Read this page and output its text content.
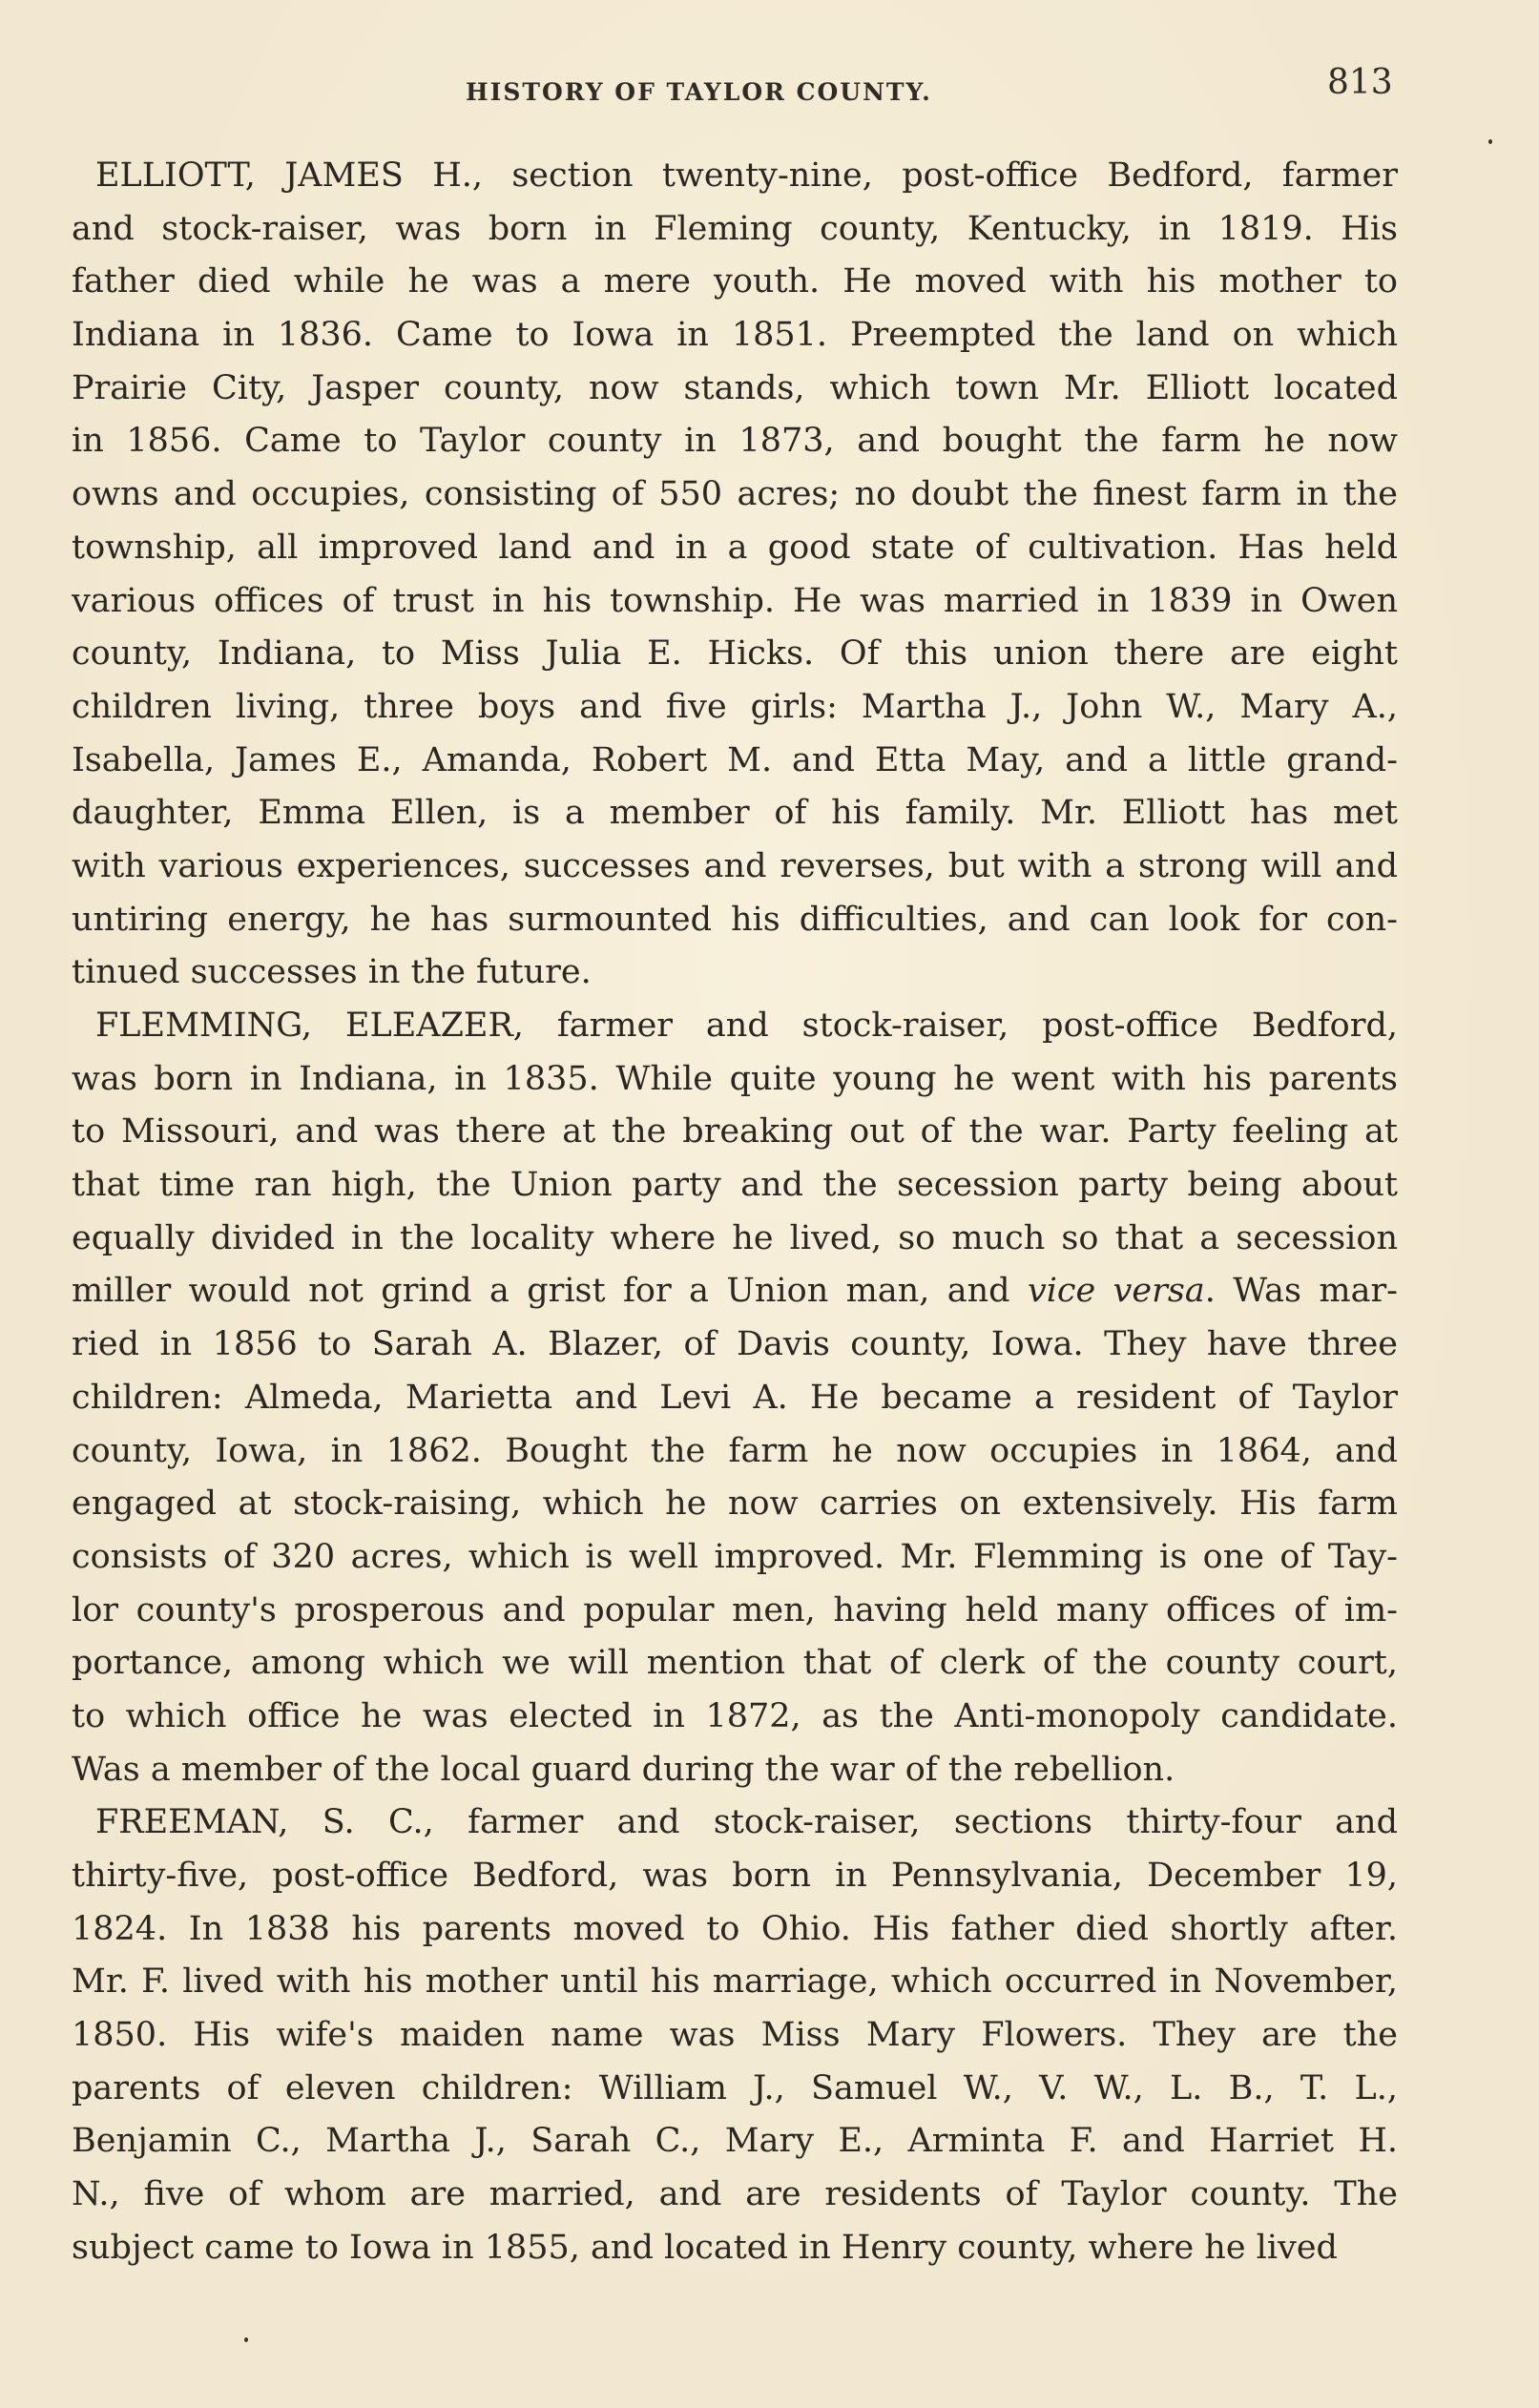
HISTORY OF TAYLOR COUNTY.	813
ELLIOTT, JAMES H., section twenty-nine, post-office Bedford, farmer
and stock-raiser, was born in Fleming county, Kentucky, in 1819. His
father died while he was a mere youth. He moved with his mother to
Indiana in 1836. Came to Iowa in 1851. Preempted the land on which
Prairie City, Jasper county, now stands, which town Mr. Elliott located
in 1856. Came to Taylor county in 1873, and bought the farm he now
owns and occupies, consisting of 550 acres; no doubt the finest farm in the
township, all improved land and in a good state of cultivation. Has held
various offices of trust in his township. He was married in 1839 in Owen
county, Indiana, to Miss Julia E. Hicks. Of this union there are eight
children living, three boys and five girls: Martha J., John W., Mary A.,
Isabella, James E., Amanda, Robert M. and Etta May, and a little grand-
daughter, Emma Ellen, is a member of his family. Mr. Elliott has met
with various experiences, successes and reverses, but with a strong will and
untiring energy, he has surmounted his difficulties, and can look for con-
tinued successes in the future.
FLEMMING, ELEAZER, farmer and stock-raiser, post-office Bedford,
was born in Indiana, in 1835. While quite young he went with his parents
to Missouri, and was there at the breaking out of the war. Party feeling at
that time ran high, the Union party and the secession party being about
equally divided in the locality where he lived, so much so that a secession
miller would not grind a grist for a Union man, and vice versa. Was mar-
ried in 1856 to Sarah A. Blazer, of Davis county, Iowa. They have three
children: Almeda, Marietta and Levi A. He became a resident of Taylor
county, Iowa, in 1862. Bought the farm he now occupies in 1864, and
engaged at stock-raising, which he now carries on extensively. His farm
consists of 320 acres, which is well improved. Mr. Flemming is one of Tay-
lor county's prosperous and popular men, having held many offices of im-
portance, among which we will mention that of clerk of the county court,
to which office he was elected in 1872, as the Anti-monopoly candidate.
Was a member of the local guard during the war of the rebellion.
FREEMAN, S. C., farmer and stock-raiser, sections thirty-four and
thirty-five, post-office Bedford, was born in Pennsylvania, December 19,
1824. In 1838 his parents moved to Ohio. His father died shortly after.
Mr. F. lived with his mother until his marriage, which occurred in November,
1850. His wife's maiden name was Miss Mary Flowers. They are the
parents of eleven children: William J., Samuel W., V. W., L. B., T. L.,
Benjamin C., Martha J., Sarah C., Mary E., Arminta F. and Harriet H.
N., five of whom are married, and are residents of Taylor county. The
subject came to Iowa in 1855, and located in Henry county, where he lived
